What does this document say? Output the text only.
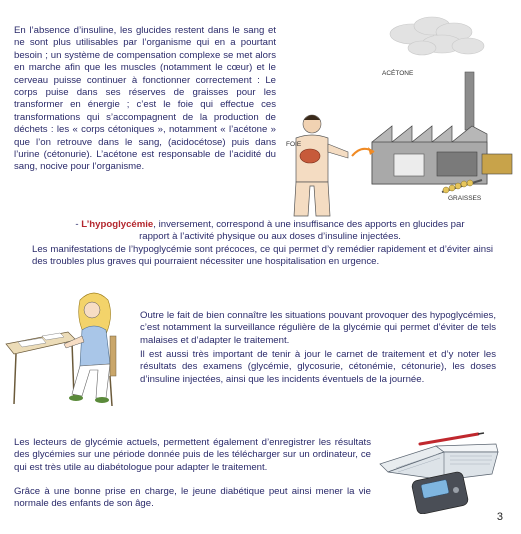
En l’absence d’insuline, les glucides restent dans le sang et ne sont plus utilisables par l’organisme qui en a pourtant besoin ; un système de compensation complexe se met alors en marche afin que les muscles (notamment le cœur) et le cerveau puisse continuer à fonctionner correctement : Le corps puise dans ses réserves de graisses pour les transformer en énergie ; c’est le foie qui effectue ces transformations qui s’accompagnent de la production de déchets : les « corps cétoniques », notamment « l’acétone » que l’on retrouve dans le sang, (acidocétose) puis dans l’urine (cétonurie). L’acétone est responsable de l’acidité du sang, nocive pour l’organisme.

ACÉTONE
GRAISSES
FOIE

- L’hypoglycémie, inversement, correspond à une insuffisance des apports en glucides par rapport à l’activité physique ou aux doses d’insuline injectées.

Les manifestations de l’hypoglycémie sont précoces, ce qui permet d’y remédier rapidement et d’éviter ainsi des troubles plus graves qui pourraient nécessiter une hospitalisation en urgence.

Outre le fait de bien connaître les situations pouvant provoquer des hypoglycémies, c’est notamment la surveillance régulière de la glycémie qui permet d’éviter de tels malaises et d’adapter le traitement.

Il est aussi très important de tenir à jour le carnet de traitement et d’y noter les résultats des examens (glycémie, glycosurie, cétonémie, cétonurie), les doses d’insuline injectées, ainsi que les incidents éventuels de la journée.

Les lecteurs de glycémie actuels, permettent également d’enregistrer les résultats des glycémies sur une période donnée puis de les télécharger sur un ordinateur, ce qui est très utile au diabétologue pour adapter le traitement.

Grâce à une bonne prise en charge, le jeune diabétique peut ainsi mener la vie normale des enfants de son âge.

3
